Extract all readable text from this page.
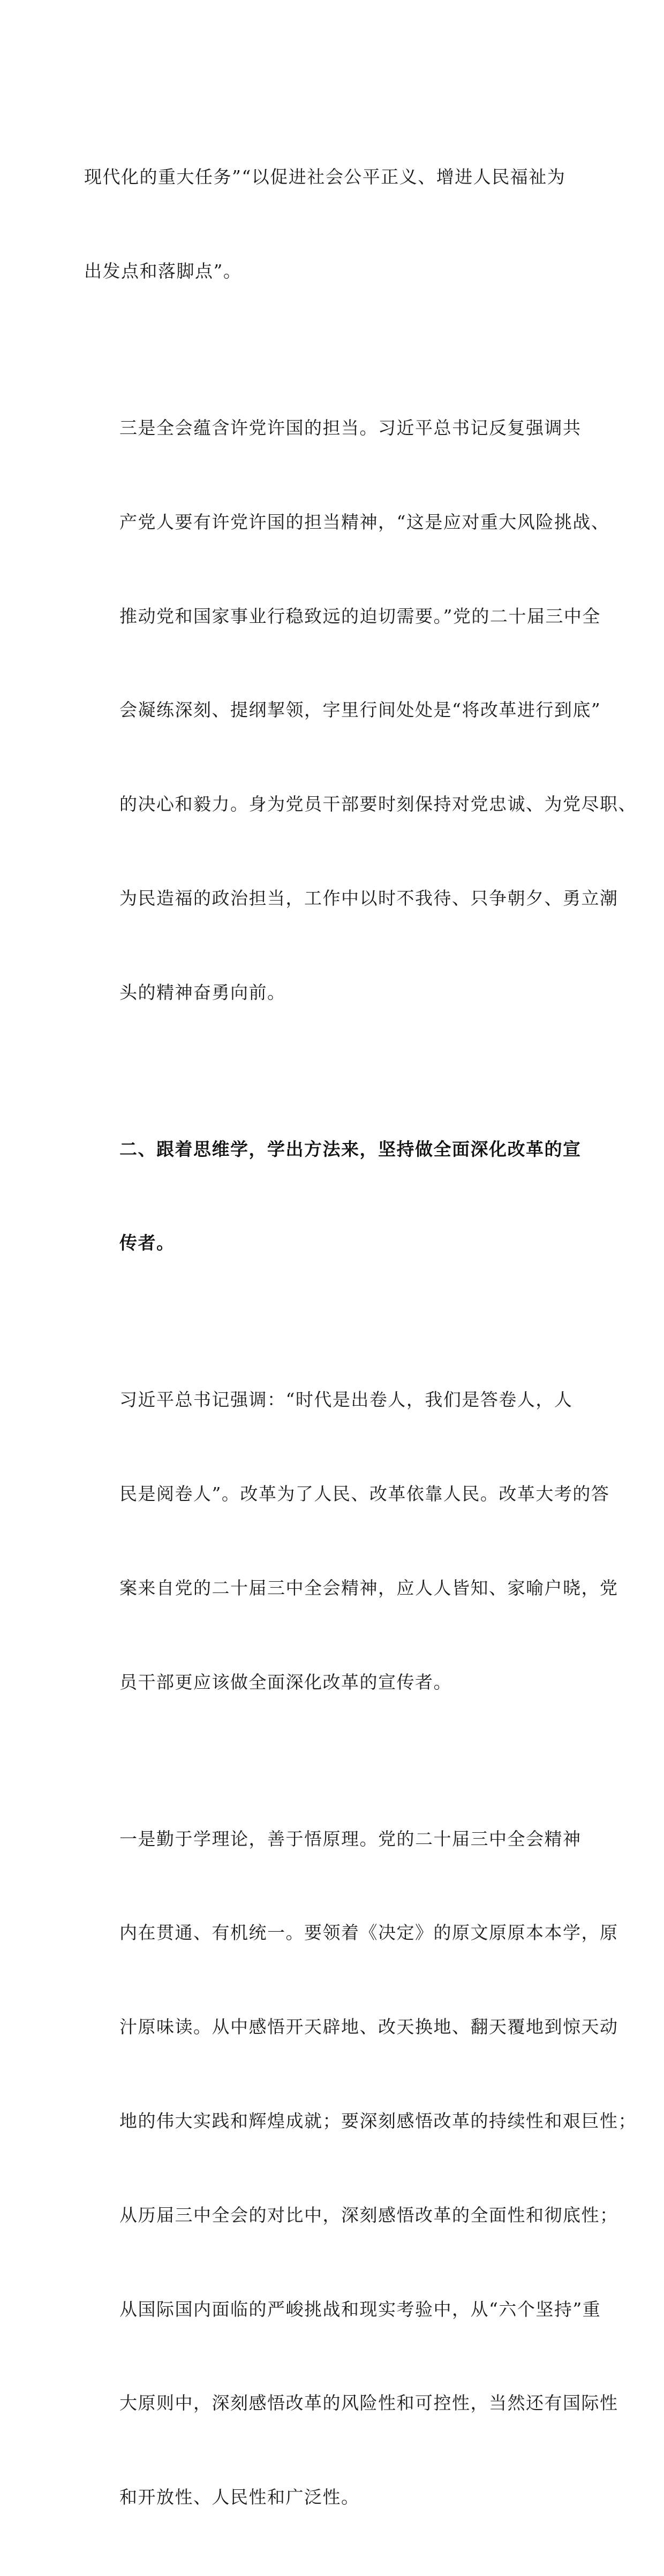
现代化的重大任务”“以促进社会公平正义、增进人民福祉为

出发点和落脚点”。

三是全会蕴含许党许国的担当。习近平总书记反复强调共

产党人要有许党许国的担当精神，“这是应对重大风险挑战、

推动党和国家事业行稳致远的迫切需要。”党的二十届三中全

会凝练深刻、提纲挈领，字里行间处处是“将改革进行到底”

的决心和毅力。身为党员干部要时刻保持对党忠诚、为党尽职、

为民造福的政治担当，工作中以时不我待、只争朝夕、勇立潮

头的精神奋勇向前。

二、跟着思维学，学出方法来，坚持做全面深化改革的宣

传者。

习近平总书记强调：“时代是出卷人，我们是答卷人，人

民是阅卷人”。改革为了人民、改革依靠人民。改革大考的答

案来自党的二十届三中全会精神，应人人皆知、家喻户晓，党

员干部更应该做全面深化改革的宣传者。

一是勤于学理论，善于悟原理。党的二十届三中全会精神

内在贯通、有机统一。要领着《决定》的原文原原本本学，原

汁原味读。从中感悟开天辟地、改天换地、翻天覆地到惊天动

地的伟大实践和辉煌成就；要深刻感悟改革的持续性和艰巨性；

从历届三中全会的对比中，深刻感悟改革的全面性和彻底性；

从国际国内面临的严峻挑战和现实考验中，从“六个坚持”重

大原则中，深刻感悟改革的风险性和可控性，当然还有国际性

和开放性、人民性和广泛性。
